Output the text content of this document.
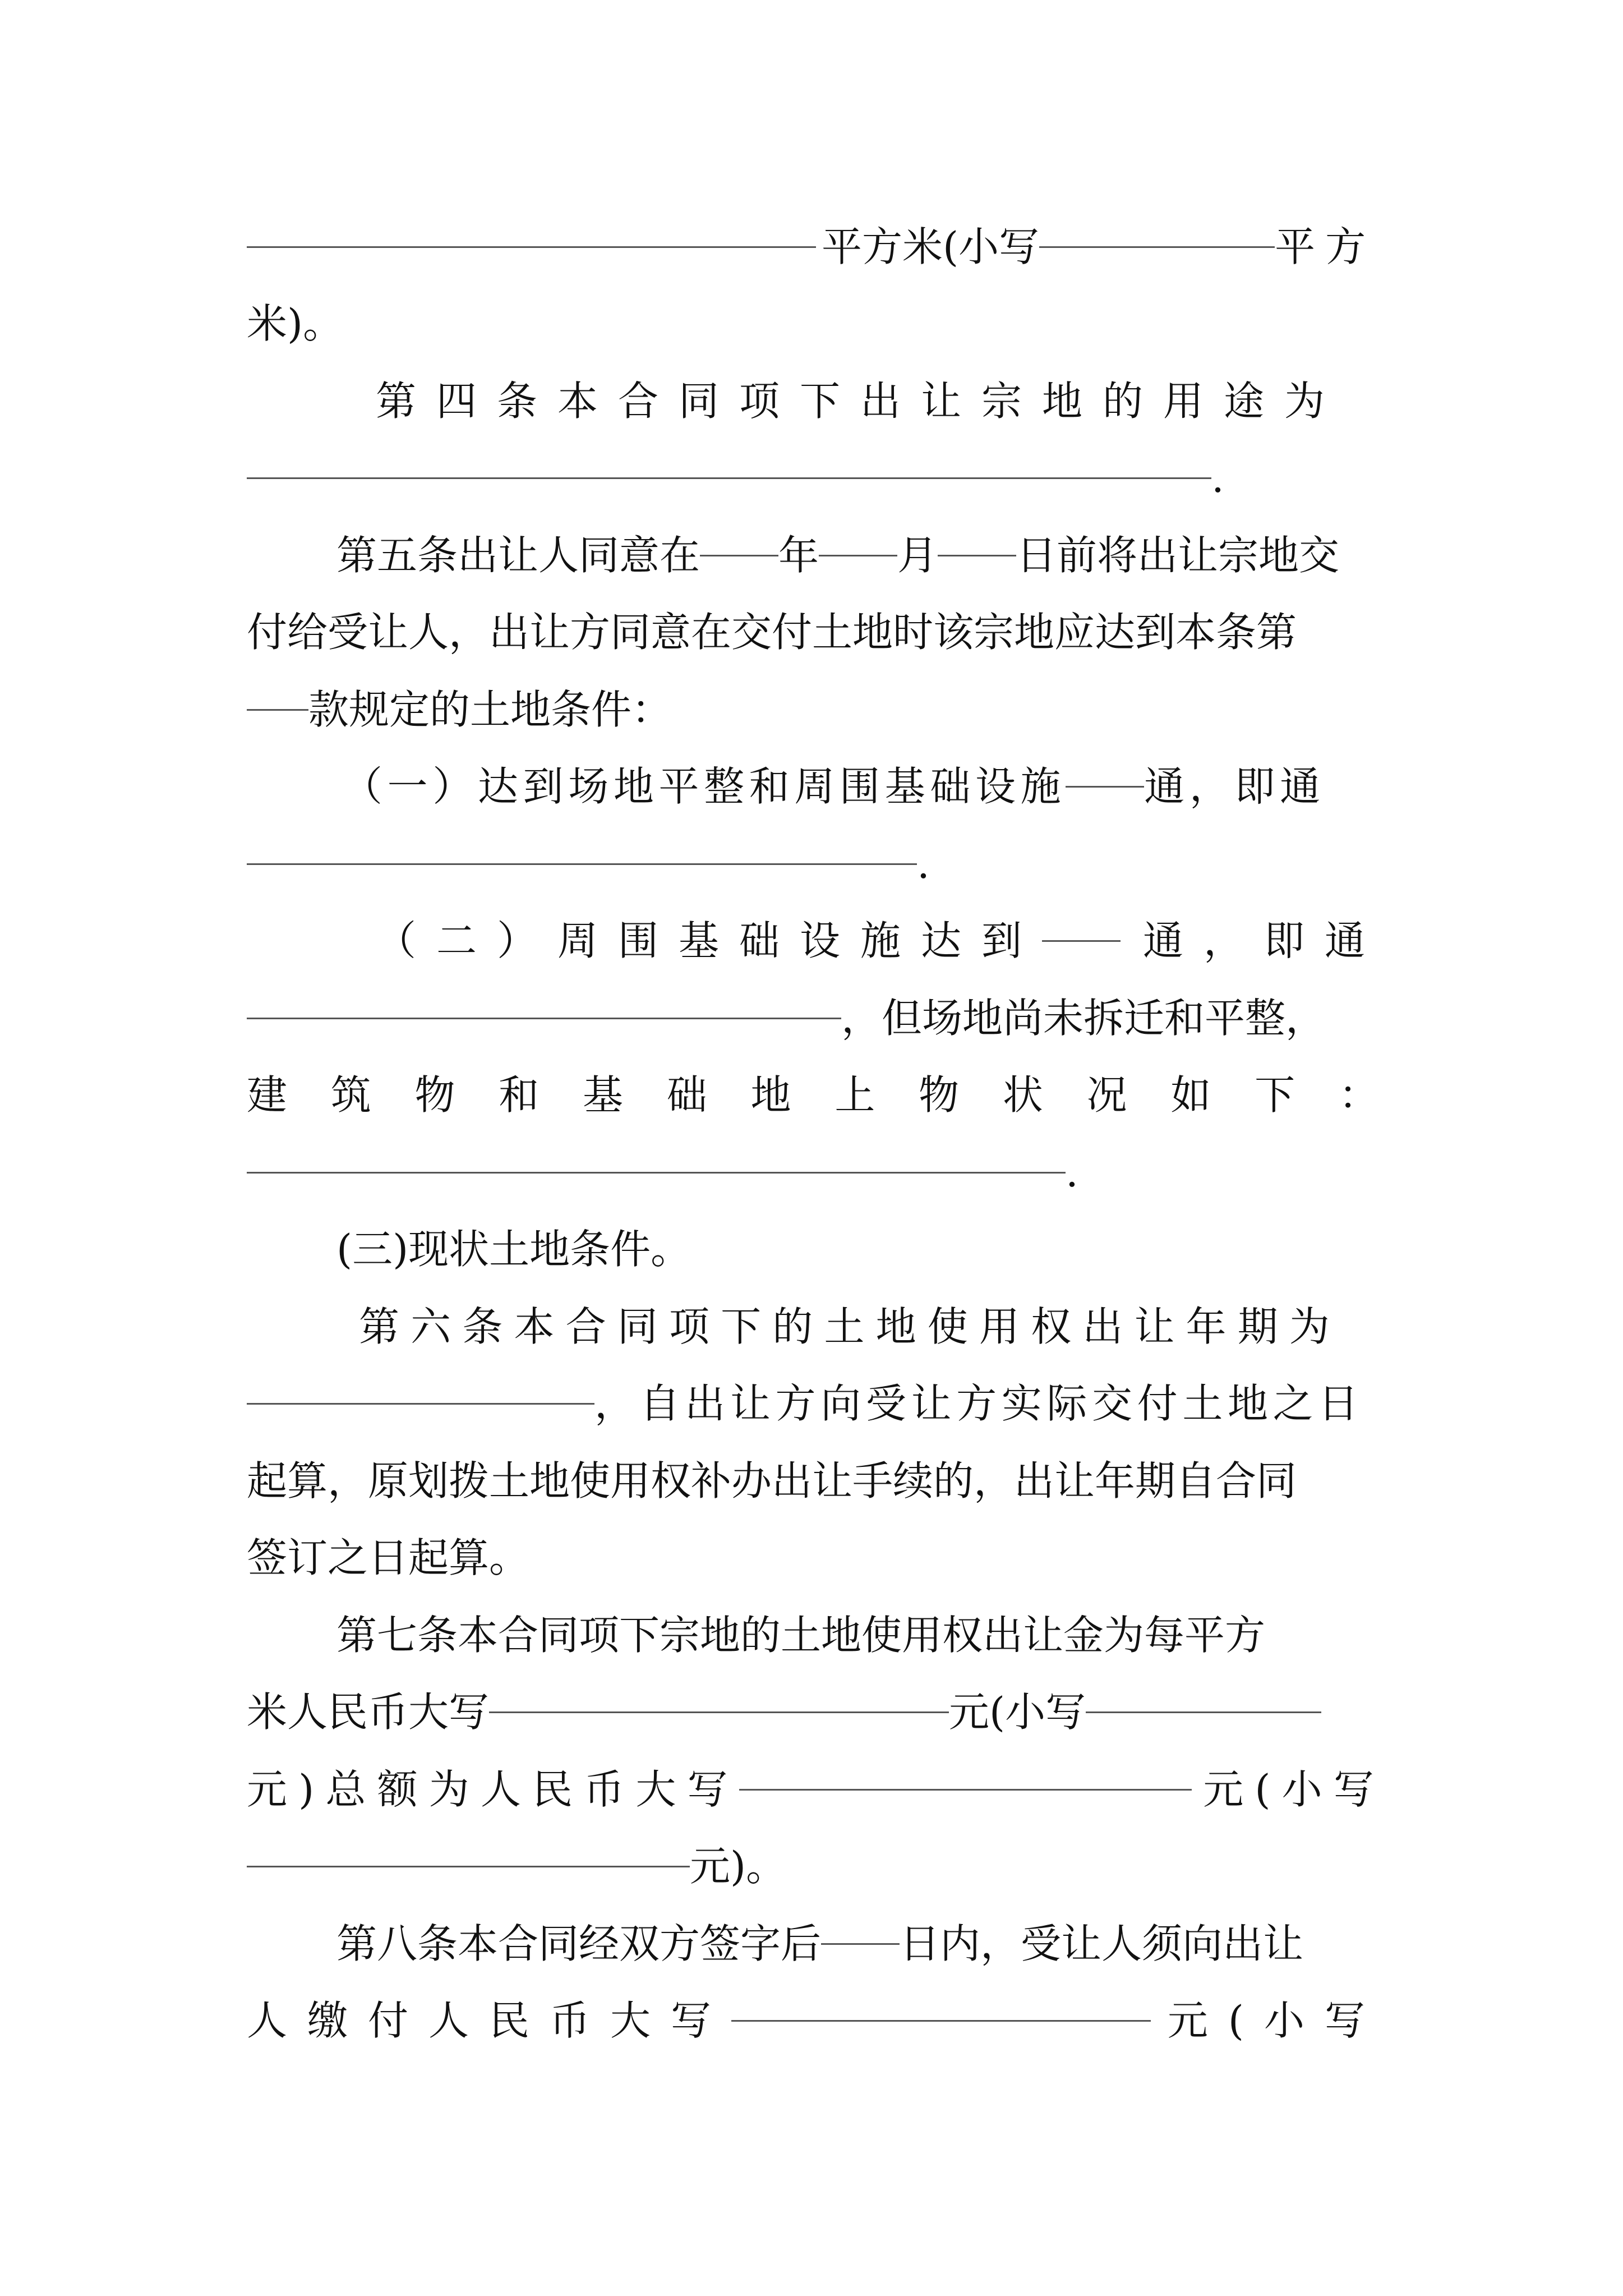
平方米(小写	平方
米)。
第四条本合同项下出让宗地的用途为
.
第五条出让人同意在 年 月 日前将出让宗地交
付给受让人，出让方同意在交付土地时该宗地应达到本条第
款规定的土地条件：
（一）达到场地平整和周围基础设施 通，即通
.
（二）周围基础设施达到 通，即通
，但场地尚未拆迁和平整，
建筑物和基础地上物状况如下：
.
(三)现状土地条件。
第六条本合同项下的土地使用权出让年期为
，自出让方向受让方实际交付土地之日
起算，原划拨土地使用权补办出让手续的，出让年期自合同
签订之日起算。
第七条本合同项下宗地的土地使用权出让金为每平方
米人民币大写	元(小写
元)总额为人民币大写	元(小写
元)。
第八条本合同经双方签字后 日内，受让人须向出让
人缴付人民币大写	元(小写
